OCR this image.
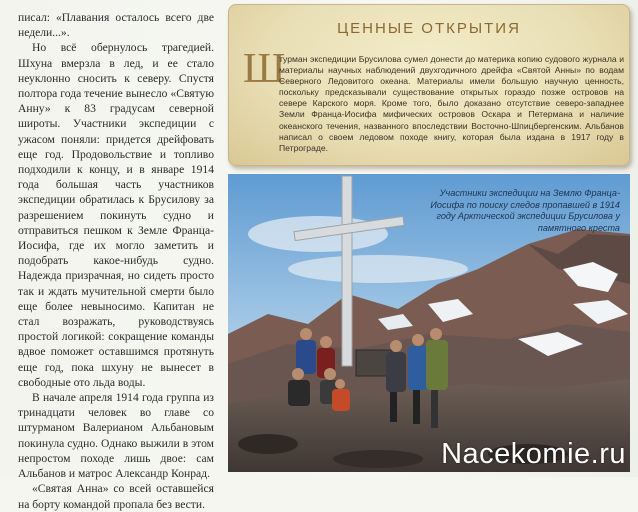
писал: «Плавания осталось всего две недели...».

Но всё обернулось трагедией. Шхуна вмерзла в лед, и ее стало неуклонно сносить к северу. Спустя полтора года течение вынесло «Святую Анну» к 83 градусам северной широты. Участники экспедиции с ужасом поняли: придется дрейфовать еще год. Продовольствие и топливо подходили к концу, и в январе 1914 года большая часть участников экспедиции обратилась к Брусилову за разрешением покинуть судно и отправиться пешком к Земле Франца-Иосифа, где их могло заметить и подобрать какое-нибудь судно. Надежда призрачная, но сидеть просто так и ждать мучительной смерти было еще более невыносимо. Капитан не стал возражать, руководствуясь простой логикой: сокращение команды вдвое поможет оставшимся протянуть еще год, пока шхуну не вынесет в свободные ото льда воды.

В начале апреля 1914 года группа из тринадцати человек во главе со штурманом Валерианом Альбановым покинула судно. Однако выжили в этом непростом походе лишь двое: сам Альбанов и матрос Александр Конрад.

«Святая Анна» со всей оставшейся на борту командой пропала без вести.

ЦЕННЫЕ ОТКРЫТИЯ
Ш
турман экспедиции Брусилова сумел донести до материка копию судового журнала и материалы научных наблюдений двухгодичного дрейфа «Святой Анны» по водам Северного Ледовитого океана. Материалы имели большую научную ценность, поскольку предсказывали существование открытых гораздо позже островов на севере Карского моря. Кроме того, было доказано отсутствие северо-западнее Земли Франца-Иосифа мифических островов Оскара и Петермана и наличие океанского течения, названного впоследствии Восточно-Шпицбергенским. Альбанов написал о своем ледовом походе книгу, которая была издана в 1917 году в Петрограде.
Участники экспедиции на Землю Франца-Иосифа по поиску следов пропавшей в 1914 году Арктической экспедиции Брусилова у памятного креста
Nacekomie.ru
